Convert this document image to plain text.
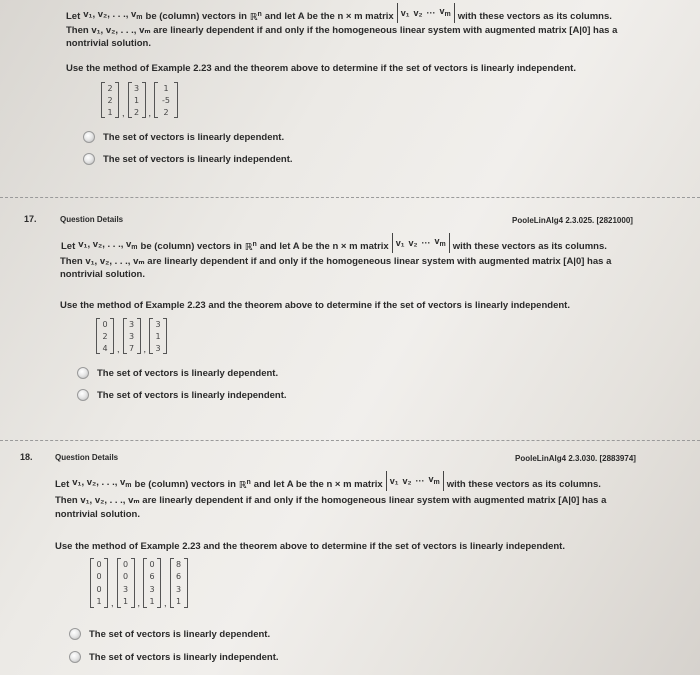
Let v₁, v₂, . . ., $v_m$ be (column) vectors in ℝ$^n$ and let A be the n × m matrix v₁ v₂ ··· $v_m$ with these vectors as its columns.
Then v₁, v₂, . . ., vₘ are linearly dependent if and only if the homogeneous linear system with augmented matrix [A|0] has a
nontrivial solution.
Use the method of Example 2.23 and the theorem above to determine if the set of vectors is linearly independent.
2
2
1 ,
3
1
2 ,
1
-5
2
The set of vectors is linearly dependent.
The set of vectors is linearly independent.
17.	Question Details	PooleLinAlg4 2.3.025. [2821000]
Let v₁, v₂, . . ., $v_m$ be (column) vectors in ℝ$^n$ and let A be the n × m matrix v₁ v₂ ··· $v_m$ with these vectors as its columns.
Then v₁, v₂, . . ., vₘ are linearly dependent if and only if the homogeneous linear system with augmented matrix [A|0] has a
nontrivial solution.
Use the method of Example 2.23 and the theorem above to determine if the set of vectors is linearly independent.
0
2
4 ,
3
3
7 ,
3
1
3
The set of vectors is linearly dependent.
The set of vectors is linearly independent.
18.	Question Details	PooleLinAlg4 2.3.030. [2883974]
Let v₁, v₂, . . ., $v_m$ be (column) vectors in ℝ$^n$ and let A be the n × m matrix v₁ v₂ ··· $v_m$ with these vectors as its columns.
Then v₁, v₂, . . ., vₘ are linearly dependent if and only if the homogeneous linear system with augmented matrix [A|0] has a
nontrivial solution.
Use the method of Example 2.23 and the theorem above to determine if the set of vectors is linearly independent.
0
0
0
1 ,
0
0
3
1 ,
0
6
3
1 ,
8
6
3
1
The set of vectors is linearly dependent.
The set of vectors is linearly independent.
